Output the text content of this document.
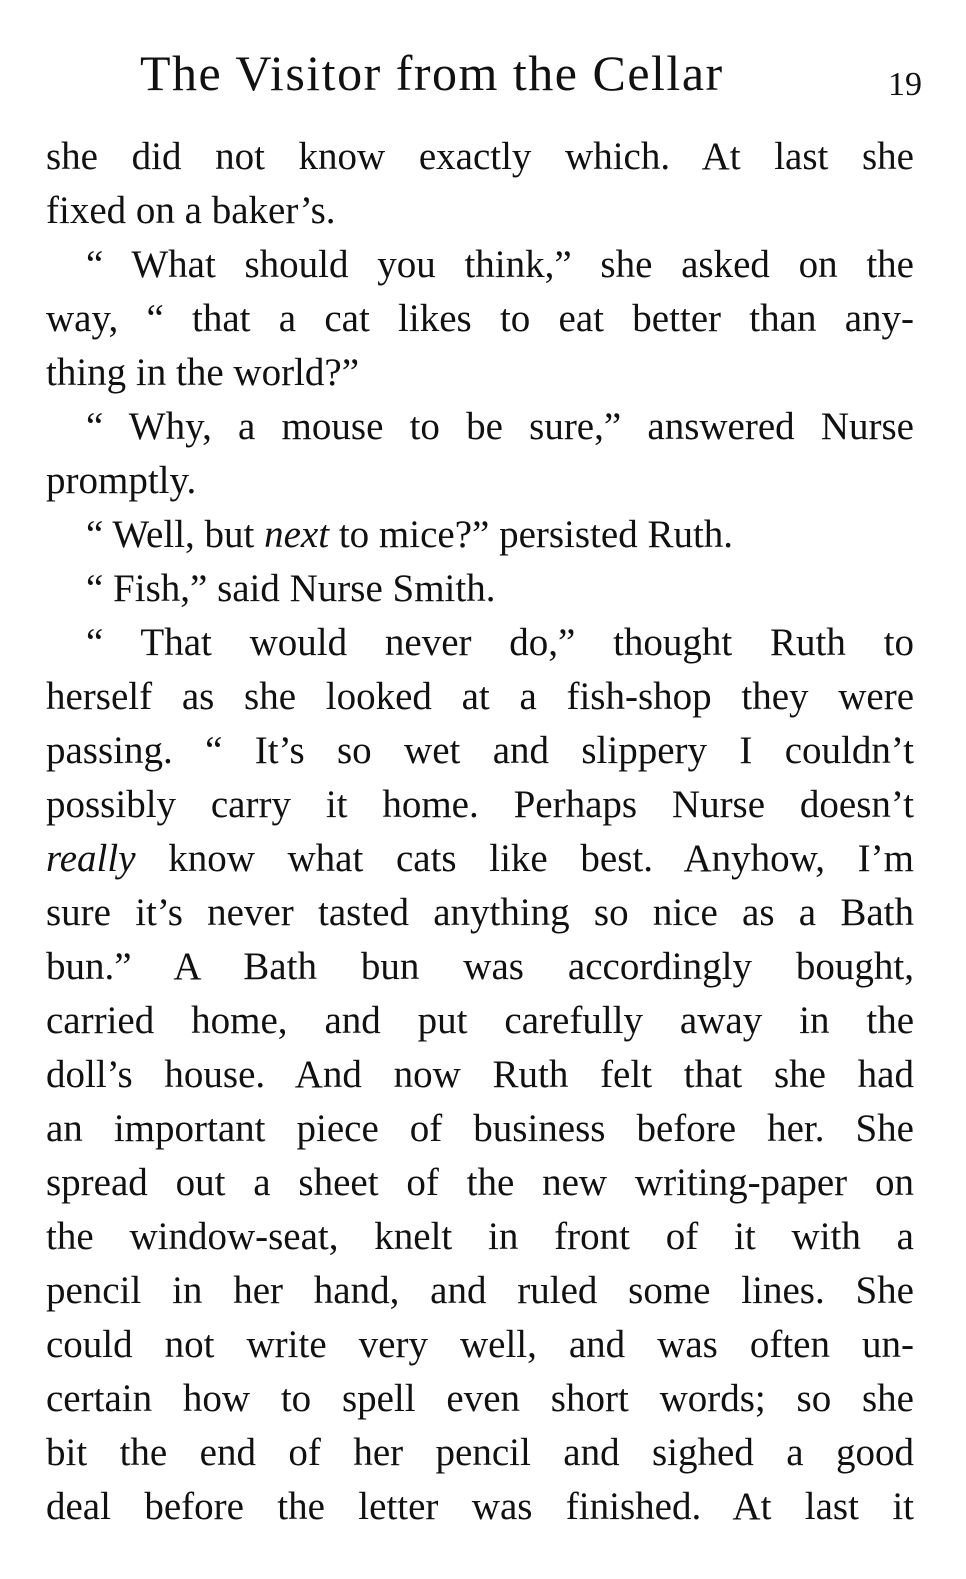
The Visitor from the Cellar	19
she did not know exactly which. At last she
fixed on a baker’s.
“ What should you think,” she asked on the
way, “ that a cat likes to eat better than any-
thing in the world?”
“ Why, a mouse to be sure,” answered Nurse
promptly.
“ Well, but next to mice?” persisted Ruth.
“ Fish,” said Nurse Smith.
“ That would never do,” thought Ruth to
herself as she looked at a fish-shop they were
passing. “ It’s so wet and slippery I couldn’t
possibly carry it home. Perhaps Nurse doesn’t
really know what cats like best. Anyhow, I’m
sure it’s never tasted anything so nice as a Bath
bun.” A Bath bun was accordingly bought,
carried home, and put carefully away in the
doll’s house. And now Ruth felt that she had
an important piece of business before her. She
spread out a sheet of the new writing-paper on
the window-seat, knelt in front of it with a
pencil in her hand, and ruled some lines. She
could not write very well, and was often un-
certain how to spell even short words; so she
bit the end of her pencil and sighed a good
deal before the letter was finished. At last it
